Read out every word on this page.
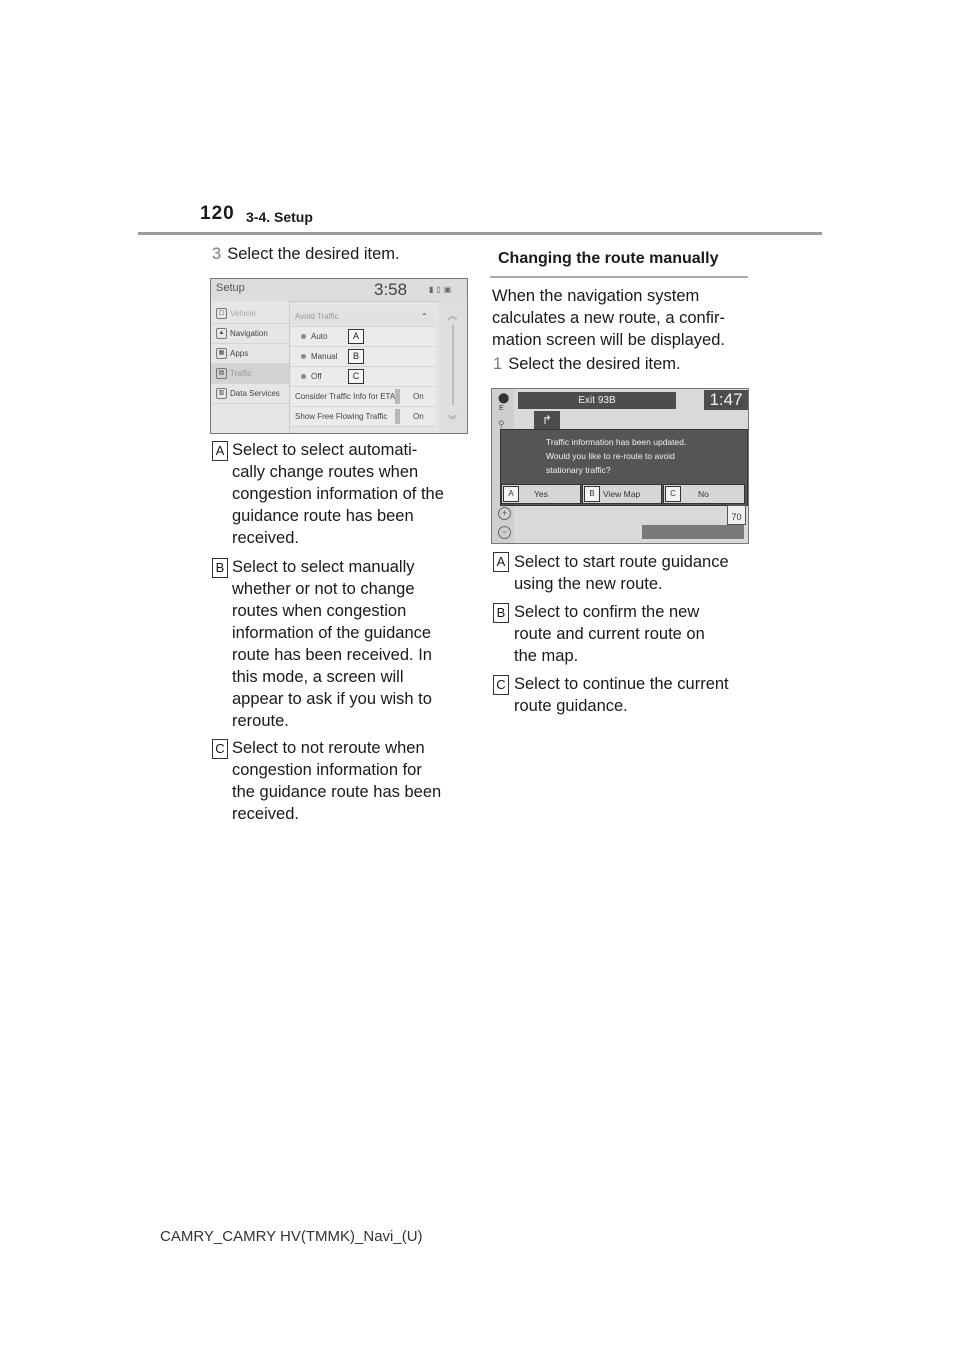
120 3-4. Setup
3 Select the desired item.
Setup	3:58	▮▯▣
▢ Vehicle
▲ Navigation
▦ Apps
▤ Traffic
▥ Data Services
Avoid Traffic	⌃
Auto
Manual
Off
Consider Traffic Info for ETA On
Show Free Flowing Traffic	On
︽
︾
A
B
C
A Select to select automati-
cally change routes when
congestion information of the
guidance route has been
received.
B Select to select manually
whether or not to change
routes when congestion
information of the guidance
route has been received. In
this mode, a screen will
appear to ask if you wish to
reroute.
C Select to not reroute when
congestion information for
the guidance route has been
received.
Changing the route manually
When the navigation system
calculates a new route, a confir-
mation screen will be displayed.
1 Select the desired item.
⬤
E
⚲
Exit 93B	1:47
↱
Traffic information has been updated.
Would you like to re-route to avoid
stationary traffic?
A	Yes	B View Map	C	No
+
−
70
A Select to start route guidance
using the new route.
B Select to confirm the new
route and current route on
the map.
C Select to continue the current
route guidance.
CAMRY_CAMRY HV(TMMK)_Navi_(U)
